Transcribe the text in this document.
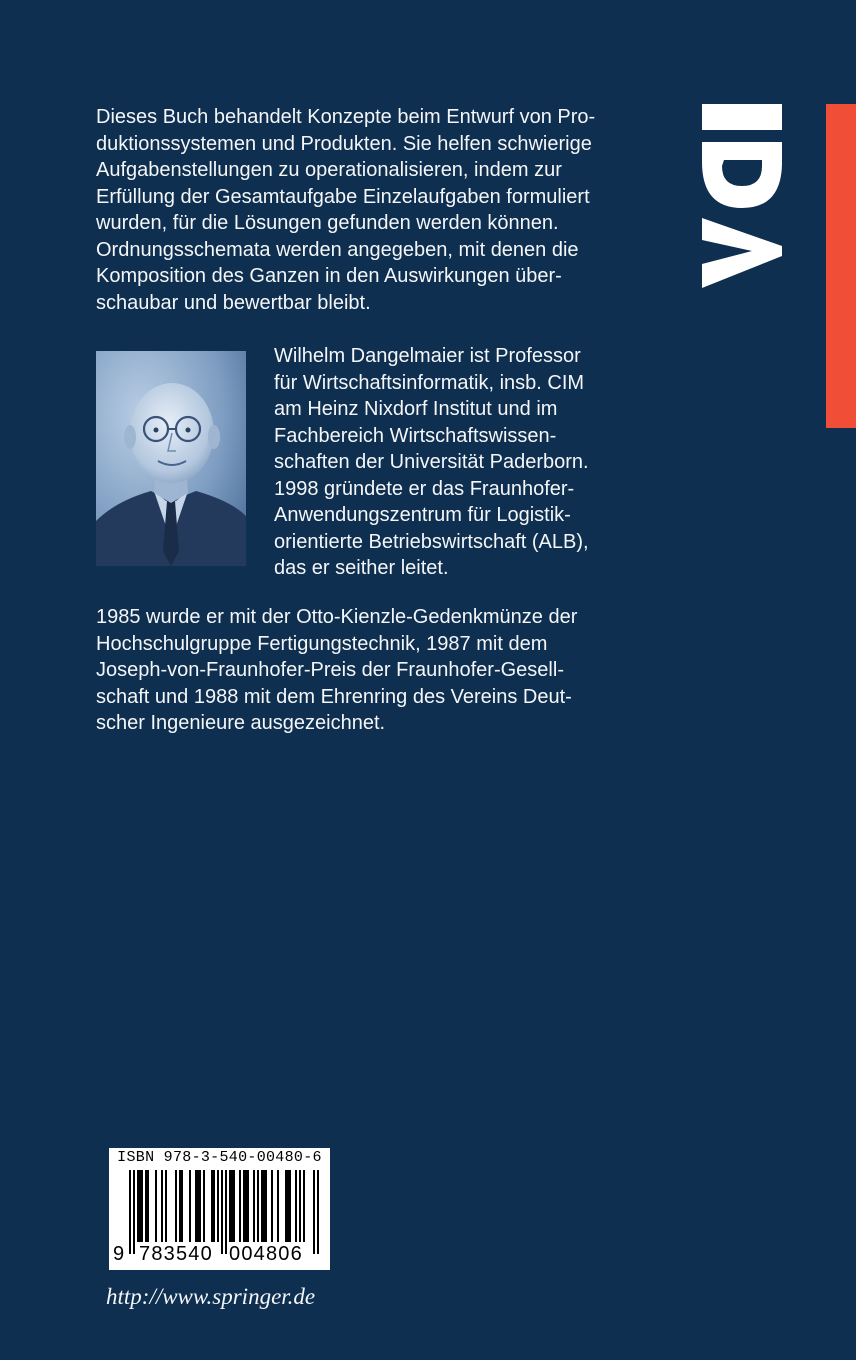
Dieses Buch behandelt Konzepte beim Entwurf von Pro-
duktionssystemen und Produkten. Sie helfen schwierige
Aufgabenstellungen zu operationalisieren, indem zur
Erfüllung der Gesamtaufgabe Einzelaufgaben formuliert
wurden, für die Lösungen gefunden werden können.
Ordnungsschemata werden angegeben, mit denen die
Komposition des Ganzen in den Auswirkungen über-
schaubar und bewertbar bleibt.
Wilhelm Dangelmaier ist Professor
für Wirtschaftsinformatik, insb. CIM
am Heinz Nixdorf Institut und im
Fachbereich Wirtschaftswissen-
schaften der Universität Paderborn.
1998 gründete er das Fraunhofer-
Anwendungszentrum für Logistik-
orientierte Betriebswirtschaft (ALB),
das er seither leitet.
1985 wurde er mit der Otto-Kienzle-Gedenkmünze der
Hochschulgruppe Fertigungstechnik, 1987 mit dem
Joseph-von-Fraunhofer-Preis der Fraunhofer-Gesell-
schaft und 1988 mit dem Ehrenring des Vereins Deut-
scher Ingenieure ausgezeichnet.
ISBN 978-3-540-00480-6
9 783540 004806
http://www.springer.de
